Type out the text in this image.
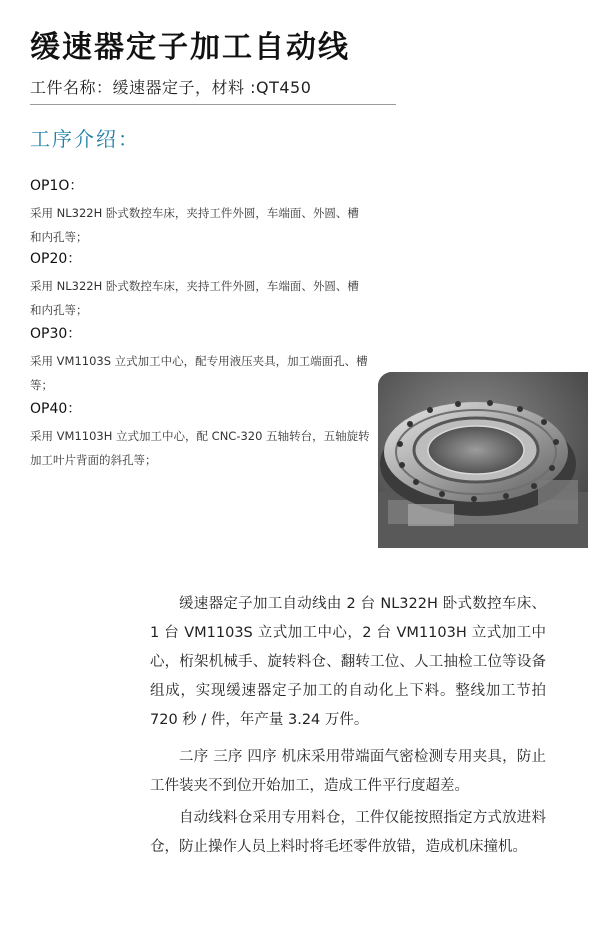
缓速器定子加工自动线
工件名称：缓速器定子，材料 :QT450
工序介绍：
OP1O：
采用 NL322H 卧式数控车床，夹持工件外圆，车端面、外圆、槽和内孔等；
OP20：
采用 NL322H 卧式数控车床，夹持工件外圆，车端面、外圆、槽和内孔等；
OP30：
采用 VM1103S 立式加工中心，配专用液压夹具，加工端面孔、槽等；
OP40：
采用 VM1103H 立式加工中心，配 CNC-320 五轴转台，五轴旋转加工叶片背面的斜孔等；
缓速器定子加工自动线由 2 台 NL322H 卧式数控车床、1 台 VM1103S 立式加工中心，2 台 VM1103H 立式加工中心，桁架机械手、旋转料仓、翻转工位、人工抽检工位等设备组成，实现缓速器定子加工的自动化上下料。整线加工节拍 720 秒 / 件，年产量 3.24 万件。
二序 三序 四序 机床采用带端面气密检测专用夹具，防止工件装夹不到位开始加工，造成工件平行度超差。
自动线料仓采用专用料仓，工件仅能按照指定方式放进料仓，防止操作人员上料时将毛坯零件放错，造成机床撞机。
